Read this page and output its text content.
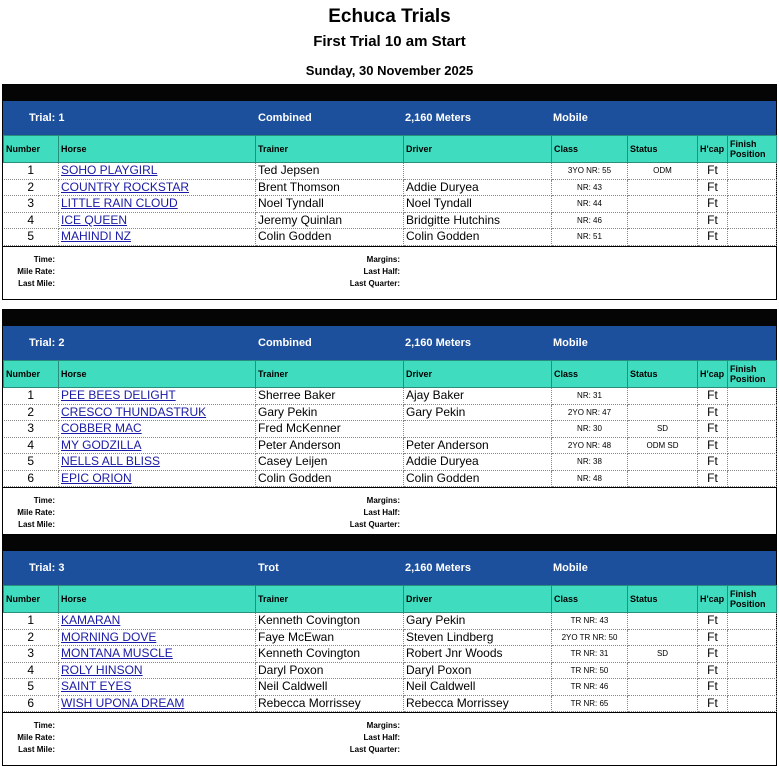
Echuca Trials
First Trial 10 am Start
Sunday, 30 November 2025
Trial: 1	Combined	2,160 Meters	Mobile
Number	Horse	Trainer	Driver	Class	Status	H'cap	Finish Position
1	SOHO PLAYGIRL	Ted Jepsen		3YO NR: 55	ODM	Ft	
2	COUNTRY ROCKSTAR	Brent Thomson	Addie Duryea	NR: 43		Ft	
3	LITTLE RAIN CLOUD	Noel Tyndall	Noel Tyndall	NR: 44		Ft	
4	ICE QUEEN	Jeremy Quinlan	Bridgitte Hutchins	NR: 46		Ft	
5	MAHINDI NZ	Colin Godden	Colin Godden	NR: 51		Ft	
Time:
Mile Rate:
Last Mile:
Margins:
Last Half:
Last Quarter:
Trial: 2	Combined	2,160 Meters	Mobile
Number	Horse	Trainer	Driver	Class	Status	H'cap	Finish Position
1	PEE BEES DELIGHT	Sherree Baker	Ajay Baker	NR: 31		Ft	
2	CRESCO THUNDASTRUK	Gary Pekin	Gary Pekin	2YO NR: 47		Ft	
3	COBBER MAC	Fred McKenner		NR: 30	SD	Ft	
4	MY GODZILLA	Peter Anderson	Peter Anderson	2YO NR: 48	ODM SD	Ft	
5	NELLS ALL BLISS	Casey Leijen	Addie Duryea	NR: 38		Ft	
6	EPIC ORION	Colin Godden	Colin Godden	NR: 48		Ft	
Time:
Mile Rate:
Last Mile:
Margins:
Last Half:
Last Quarter:
Trial: 3	Trot	2,160 Meters	Mobile
Number	Horse	Trainer	Driver	Class	Status	H'cap	Finish Position
1	KAMARAN	Kenneth Covington	Gary Pekin	TR NR: 43		Ft	
2	MORNING DOVE	Faye McEwan	Steven Lindberg	2YO TR NR: 50		Ft	
3	MONTANA MUSCLE	Kenneth Covington	Robert Jnr Woods	TR NR: 31	SD	Ft	
4	ROLY HINSON	Daryl Poxon	Daryl Poxon	TR NR: 50		Ft	
5	SAINT EYES	Neil Caldwell	Neil Caldwell	TR NR: 46		Ft	
6	WISH UPONA DREAM	Rebecca Morrissey	Rebecca Morrissey	TR NR: 65		Ft	
Time:
Mile Rate:
Last Mile:
Margins:
Last Half:
Last Quarter:
